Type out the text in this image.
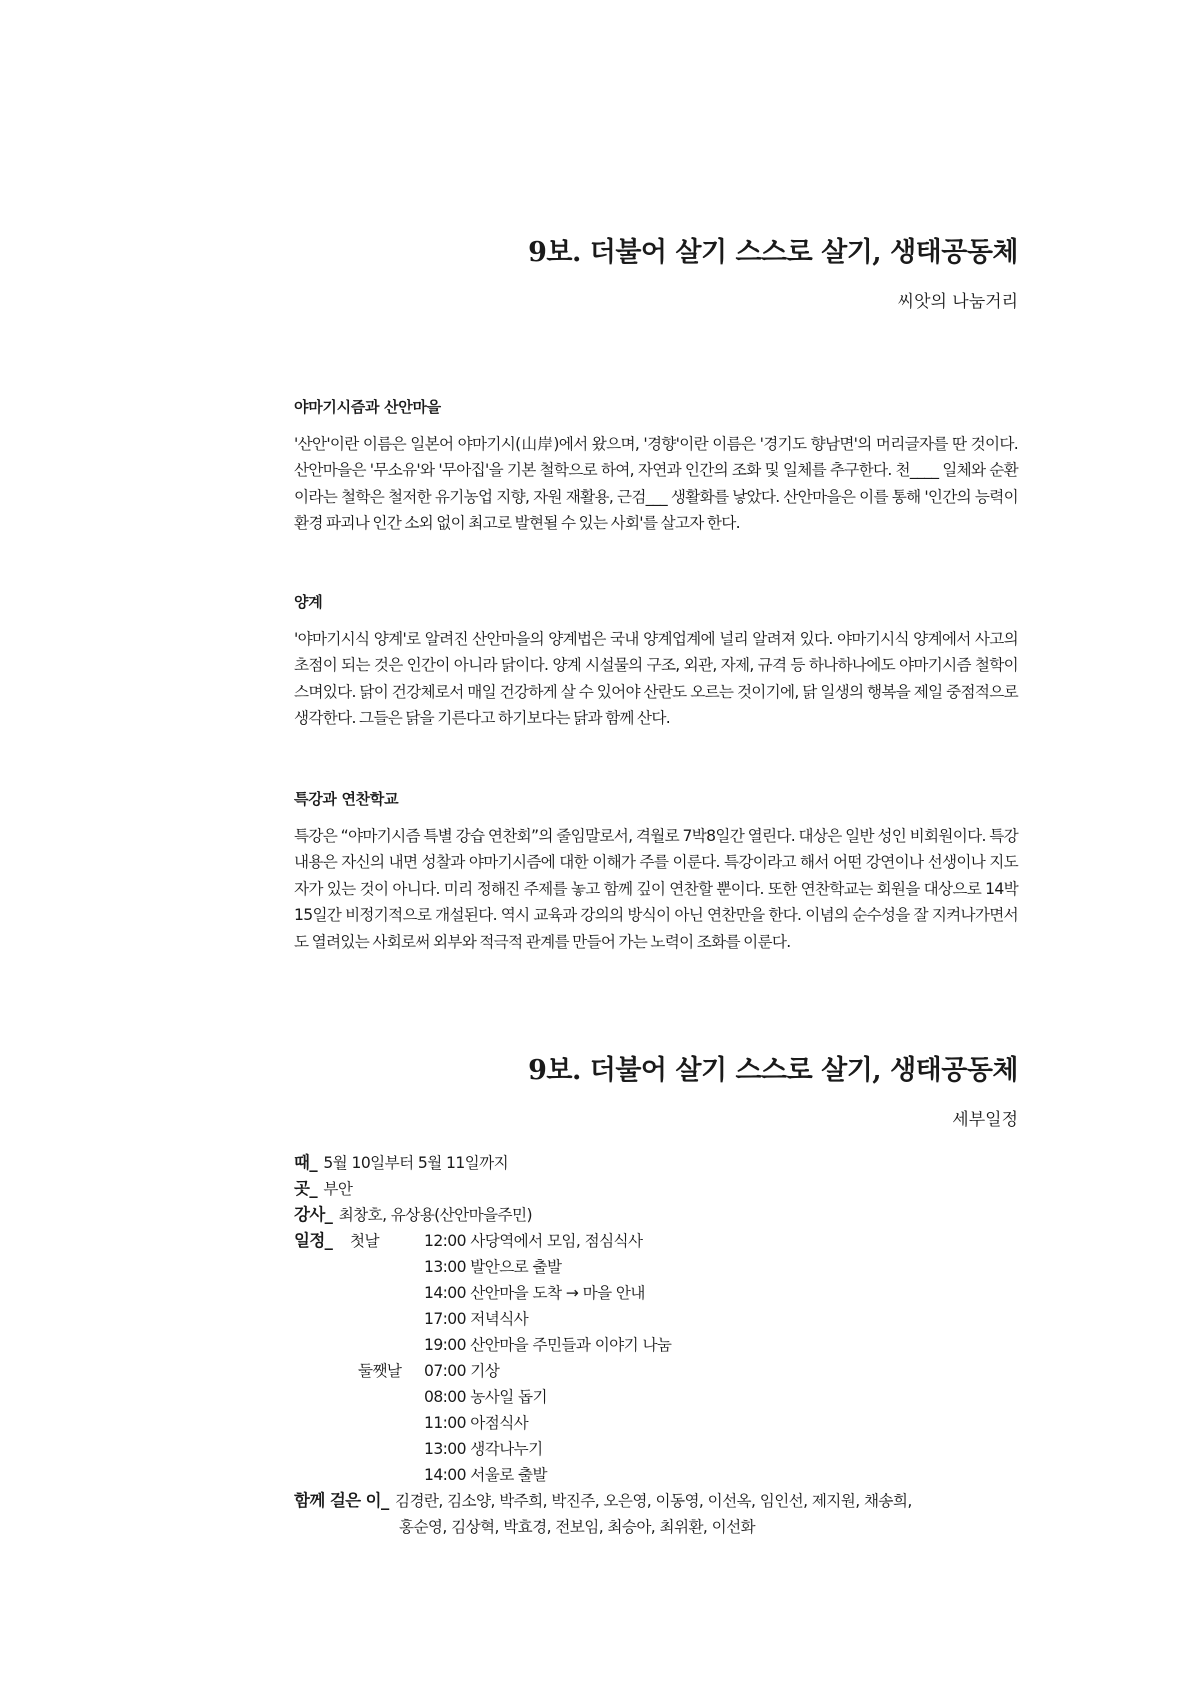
9보. 더불어 살기 스스로 살기, 생태공동체
씨앗의 나눔거리
야마기시즘과 산안마을

'산안'이란 이름은 일본어 야마기시(山岸)에서 왔으며, '경향'이란 이름은 '경기도 향남면'의 머리글자를 딴 것이다. 산안마을은 '무소유'와 '무아집'을 기본 철학으로 하여, 자연과 인간의 조화 및 일체를 추구한다. 천____ 일체와 순환이라는 철학은 철저한 유기농업 지향, 자원 재활용, 근검___ 생활화를 낳았다. 산안마을은 이를 통해 '인간의 능력이 환경 파괴나 인간 소외 없이 최고로 발현될 수 있는 사회'를 살고자 한다.

양계

'야마기시식 양계'로 알려진 산안마을의 양계법은 국내 양계업계에 널리 알려져 있다. 야마기시식 양계에서 사고의 초점이 되는 것은 인간이 아니라 닭이다. 양계 시설물의 구조, 외관, 자제, 규격 등 하나하나에도 야마기시즘 철학이 스며있다. 닭이 건강체로서 매일 건강하게 살 수 있어야 산란도 오르는 것이기에, 닭 일생의 행복을 제일 중점적으로 생각한다. 그들은 닭을 기른다고 하기보다는 닭과 함께 산다.

특강과 연찬학교

특강은 “야마기시즘 특별 강습 연찬회”의 줄임말로서, 격월로 7박8일간 열린다. 대상은 일반 성인 비회원이다. 특강 내용은 자신의 내면 성찰과 야마기시즘에 대한 이해가 주를 이룬다. 특강이라고 해서 어떤 강연이나 선생이나 지도자가 있는 것이 아니다. 미리 정해진 주제를 놓고 함께 깊이 연찬할 뿐이다. 또한 연찬학교는 회원을 대상으로 14박15일간 비정기적으로 개설된다. 역시 교육과 강의의 방식이 아닌 연찬만을 한다. 이념의 순수성을 잘 지켜나가면서도 열려있는 사회로써 외부와 적극적 관계를 만들어 가는 노력이 조화를 이룬다.

9보. 더불어 살기 스스로 살기, 생태공동체
세부일정
때_ 5월 10일부터 5월 11일까지
곳_ 부안
강사_ 최창호, 유상용(산안마을주민)
일정_ 첫날	12:00 사당역에서 모임, 점심식사
13:00 발안으로 출발
14:00 산안마을 도착 → 마을 안내
17:00 저녁식사
19:00 산안마을 주민들과 이야기 나눔
둘쨋날 07:00 기상
08:00 농사일 돕기
11:00 아점식사
13:00 생각나누기
14:00 서울로 출발
함께 걸은 이_ 김경란, 김소양, 박주희, 박진주, 오은영, 이동영, 이선옥, 임인선, 제지원, 채송희,
홍순영, 김상혁, 박효경, 전보임, 최승아, 최위환, 이선화
